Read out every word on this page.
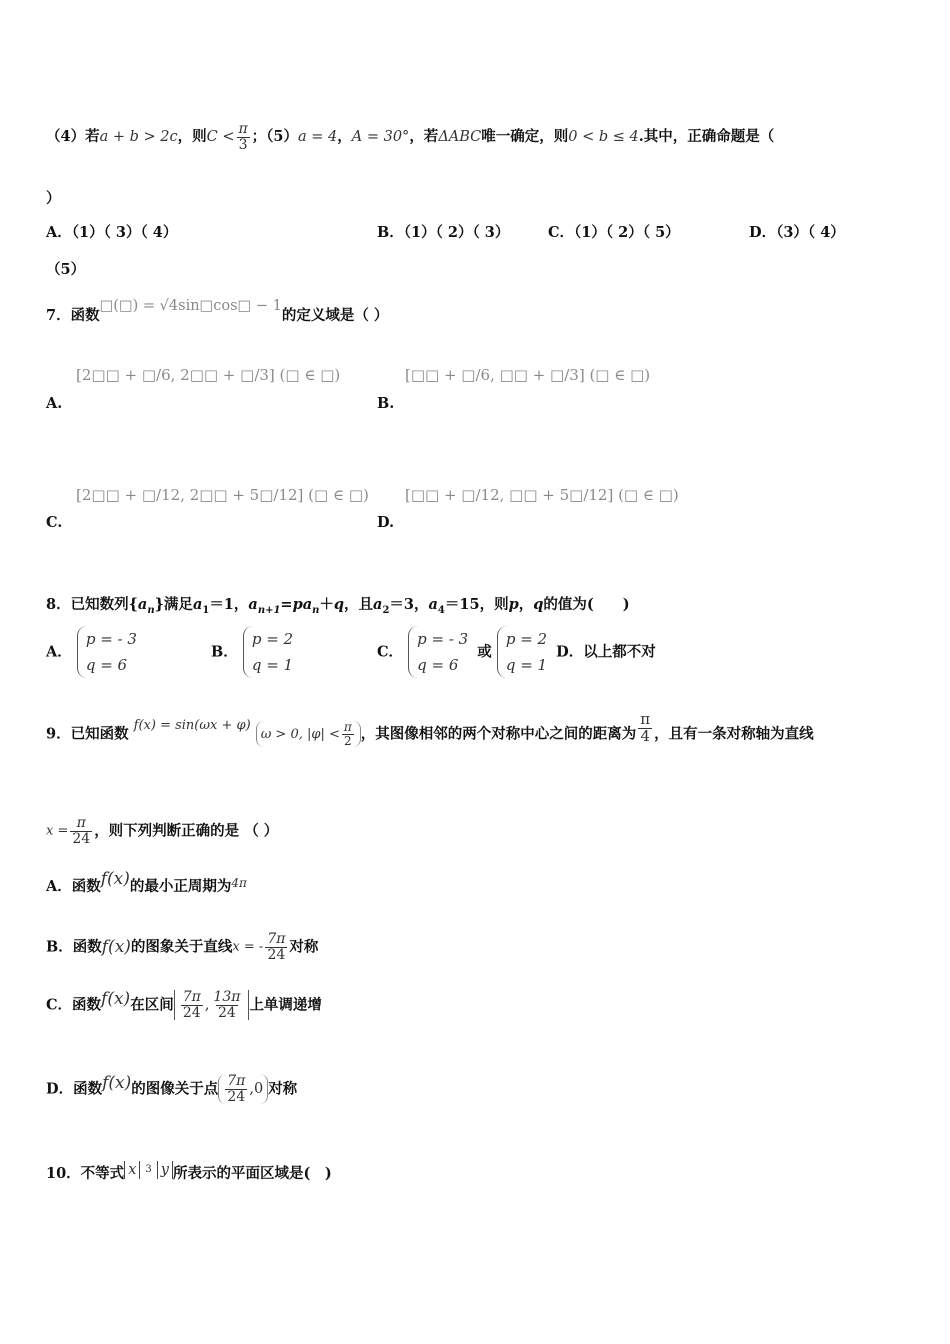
（4）若a + b > 2c，则$C < \frac{\pi}{3}$ ；（5）a = 4，A = 30°，若ΔABC唯一确定，则0 < b ≤ 4.其中，正确命题是（
）
A．（1）（ 3）（ 4）	B．（1）（ 2）（ 3）	C．（1）（ 2）（ 5）	D．（3）（ 4）
（5）
7．函数□(□) = √4sin□cos□ − 1的定义域是（ ）
[2□□ + □/6, 2□□ + □/3] (□ ∈ □)
A.
[□□ + □/6, □□ + □/3] (□ ∈ □)
B.
[2□□ + □/12, 2□□ + 5□/12] (□ ∈ □)
C.
[□□ + □/12, □□ + 5□/12] (□ ∈ □)
D.
8．已知数列$\{a_n\}$满足$a_1=1$，$a_{n+1}=pa_n+q$，且$a_2=3$，$a_4=15$，则p，q的值为(　　)
A． p = - 3
q = 6
B． p = 2
q = 1
C． p = - 3
q = 6 或 p = 2
q = 1 D．以上都不对
9．已知函数 f(x) = sin(ωx + φ) ω > 0, $|\varphi| < \frac{\pi}{2}$ ，其图像相邻的两个对称中心之间的距离为 $\frac{\pi}{4}$ ，且有一条对称轴为直线
$x = \frac{\pi}{24}$ ，则下列判断正确的是 （ ）
A．函数f(x)的最小正周期为$^{4\pi}$
B．函数f(x)的图象关于直线x = - $\frac{7\pi}{24}$ 对称
C．函数f(x)在区间 $\frac{7\pi}{24}$ , $\frac{13\pi}{24}$ 上单调递增
D．函数f(x)的图像关于点 $\frac{7\pi}{24} ,0$ 对称
10．不等式 x $^3$ y 所表示的平面区域是(　)
